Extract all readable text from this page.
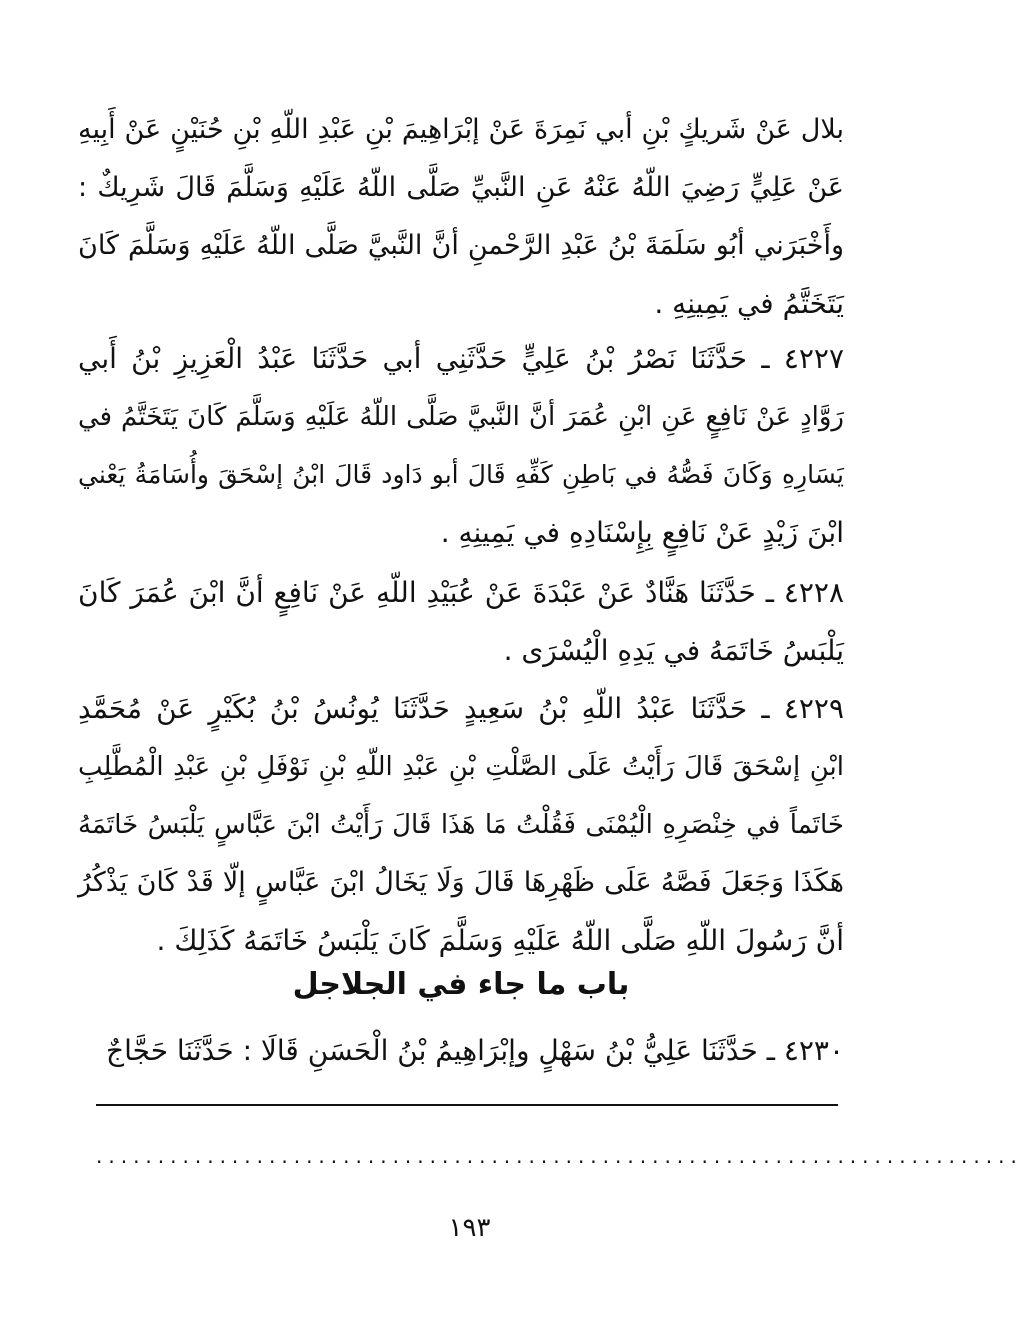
بلال عَنْ شَريكٍ بْنِ أبي نَمِرَةَ عَنْ إبْرَاهِيمَ بْنِ عَبْدِ اللّهِ بْنِ حُنَيْنٍ عَنْ أَبِيهِ
عَنْ عَلِيٍّ رَضِيَ اللّهُ عَنْهُ عَنِ النَّبيِّ صَلَّى اللّهُ عَلَيْهِ وَسَلَّمَ قَالَ شَرِيكٌ :
وأَخْبَرَني أبُو سَلَمَةَ بْنُ عَبْدِ الرَّحْمنِ أنَّ النَّبيَّ صَلَّى اللّهُ عَلَيْهِ وَسَلَّمَ كَانَ
يَتَخَتَّمُ في يَمِينِهِ .
٤٢٢٧ ـ حَدَّثَنَا نَصْرُ بْنُ عَلِيٍّ حَدَّثَنِي أبي حَدَّثَنَا عَبْدُ الْعَزِيزِ بْنُ أَبي
رَوَّادٍ عَنْ نَافِعٍ عَنِ ابْنِ عُمَرَ أنَّ النَّبيَّ صَلَّى اللّهُ عَلَيْهِ وَسَلَّمَ كَانَ يَتَخَتَّمُ في
يَسَارِهِ وَكَانَ فَصُّهُ في بَاطِنِ كَفِّهِ قَالَ أبو دَاود قَالَ ابْنُ إسْحَقَ وأُسَامَةُ يَعْني
ابْنَ زَيْدٍ عَنْ نَافِعٍ بِإِسْنَادِهِ في يَمِينِهِ .
٤٢٢٨ ـ حَدَّثَنَا هَنَّادٌ عَنْ عَبْدَةَ عَنْ عُبَيْدِ اللّهِ عَنْ نَافِعٍ أنَّ ابْنَ عُمَرَ كَانَ
يَلْبَسُ خَاتَمَهُ في يَدِهِ الْيُسْرَى .
٤٢٢٩ ـ حَدَّثَنَا عَبْدُ اللّهِ بْنُ سَعِيدٍ حَدَّثَنَا يُونُسُ بْنُ بُكَيْرٍ عَنْ مُحَمَّدِ
ابْنِ إسْحَقَ قَالَ رَأَيْتُ عَلَى الصَّلْتِ بْنِ عَبْدِ اللّهِ بْنِ نَوْفَلِ بْنِ عَبْدِ الْمُطَّلِبِ
خَاتَماً في خِنْصَرِهِ الْيُمْنَى فَقُلْتُ مَا هَذَا قَالَ رَأَيْتُ ابْنَ عَبَّاسٍ يَلْبَسُ خَاتَمَهُ
هَكَذَا وَجَعَلَ فَصَّهُ عَلَى ظَهْرِهَا قَالَ وَلَا يَخَالُ ابْنَ عَبَّاسٍ إلّا قَدْ كَانَ يَذْكُرُ
أنَّ رَسُولَ اللّهِ صَلَّى اللّهُ عَلَيْهِ وَسَلَّمَ كَانَ يَلْبَسُ خَاتَمَهُ كَذَلِكَ .
باب ما جاء في الجلاجل
٤٢٣٠ ـ حَدَّثَنَا عَلِيُّ بْنُ سَهْلٍ وإبْرَاهِيمُ بْنُ الْحَسَنِ قَالَا : حَدَّثَنَا حَجَّاجٌ
...........................................................................
١٩٣
